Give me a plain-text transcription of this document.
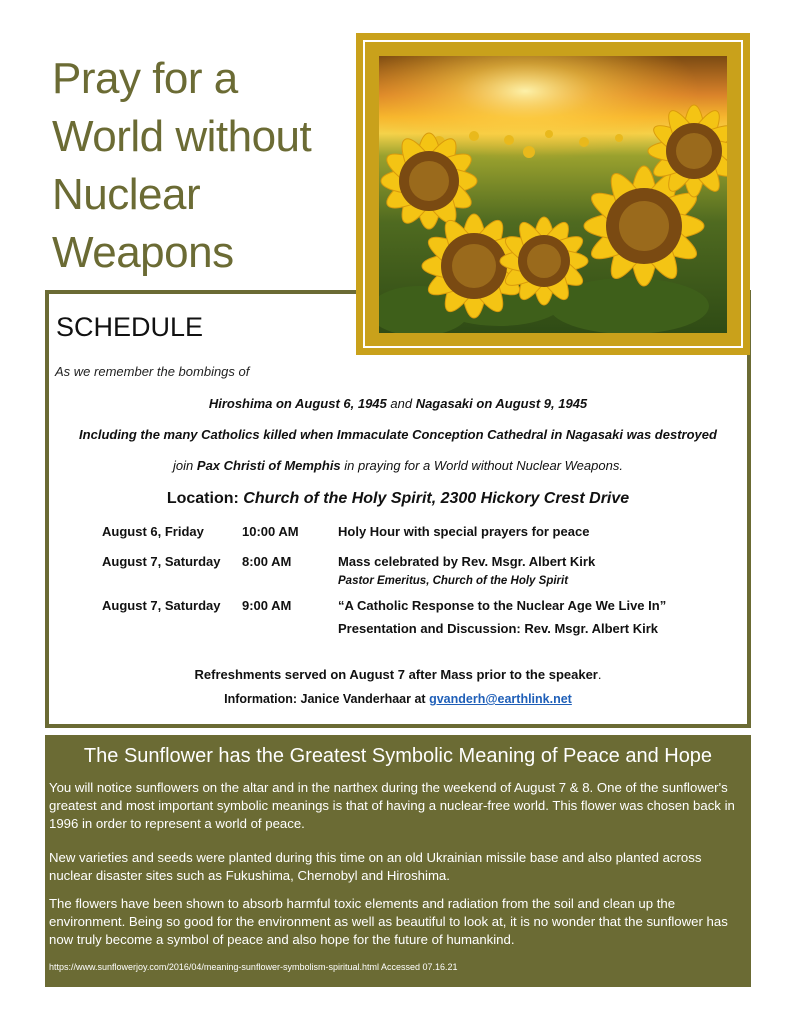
Pray for a
World without
Nuclear
Weapons
SCHEDULE
As we remember the bombings of
Hiroshima on August 6, 1945 and Nagasaki on August 9, 1945
Including the many Catholics killed when Immaculate Conception Cathedral in Nagasaki was destroyed
join Pax Christi of Memphis in praying for a World without Nuclear Weapons.
Location: Church of the Holy Spirit, 2300 Hickory Crest Drive
August 6, Friday	10:00 AM	Holy Hour with special prayers for peace
August 7, Saturday	8:00 AM	Mass celebrated by Rev. Msgr. Albert Kirk
Pastor Emeritus, Church of the Holy Spirit
August 7, Saturday	9:00 AM	“A Catholic Response to the Nuclear Age We Live In”
Presentation and Discussion: Rev. Msgr. Albert Kirk
Refreshments served on August 7 after Mass prior to the speaker.
Information: Janice Vanderhaar at gvanderh@earthlink.net
The Sunflower has the Greatest Symbolic Meaning of Peace and Hope

You will notice sunflowers on the altar and in the narthex during the weekend of August 7 & 8. One of the sunflower's greatest and most important symbolic meanings is that of having a nuclear-free world. This flower was chosen back in 1996 in order to represent a world of peace.

New varieties and seeds were planted during this time on an old Ukrainian missile base and also planted across nuclear disaster sites such as Fukushima, Chernobyl and Hiroshima.

The flowers have been shown to absorb harmful toxic elements and radiation from the soil and clean up the environment. Being so good for the environment as well as beautiful to look at, it is no wonder that the sunflower has now truly become a symbol of peace and also hope for the future of humankind.

https://www.sunflowerjoy.com/2016/04/meaning-sunflower-symbolism-spiritual.html Accessed 07.16.21
